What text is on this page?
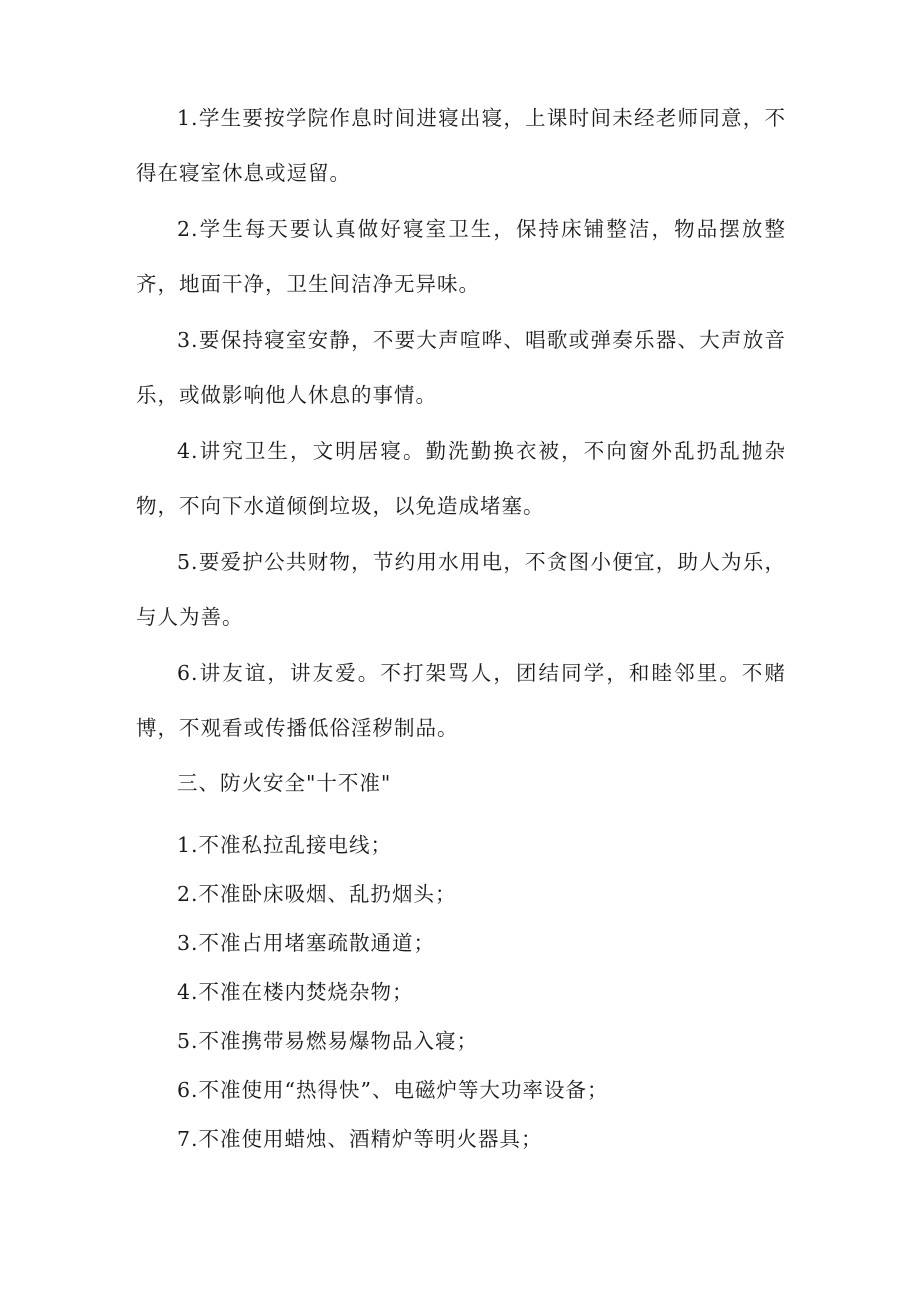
1.学生要按学院作息时间进寝出寝，上课时间未经老师同意，不得在寝室休息或逗留。

2.学生每天要认真做好寝室卫生，保持床铺整洁，物品摆放整齐，地面干净，卫生间洁净无异味。

3.要保持寝室安静，不要大声喧哗、唱歌或弹奏乐器、大声放音乐，或做影响他人休息的事情。

4.讲究卫生，文明居寝。勤洗勤换衣被，不向窗外乱扔乱抛杂物，不向下水道倾倒垃圾，以免造成堵塞。

5.要爱护公共财物，节约用水用电，不贪图小便宜，助人为乐，与人为善。

6.讲友谊，讲友爱。不打架骂人，团结同学，和睦邻里。不赌博，不观看或传播低俗淫秽制品。

三、防火安全"十不准"

1.不准私拉乱接电线；

2.不准卧床吸烟、乱扔烟头；

3.不准占用堵塞疏散通道；

4.不准在楼内焚烧杂物；

5.不准携带易燃易爆物品入寝；

6.不准使用“热得快”、电磁炉等大功率设备；

7.不准使用蜡烛、酒精炉等明火器具；
